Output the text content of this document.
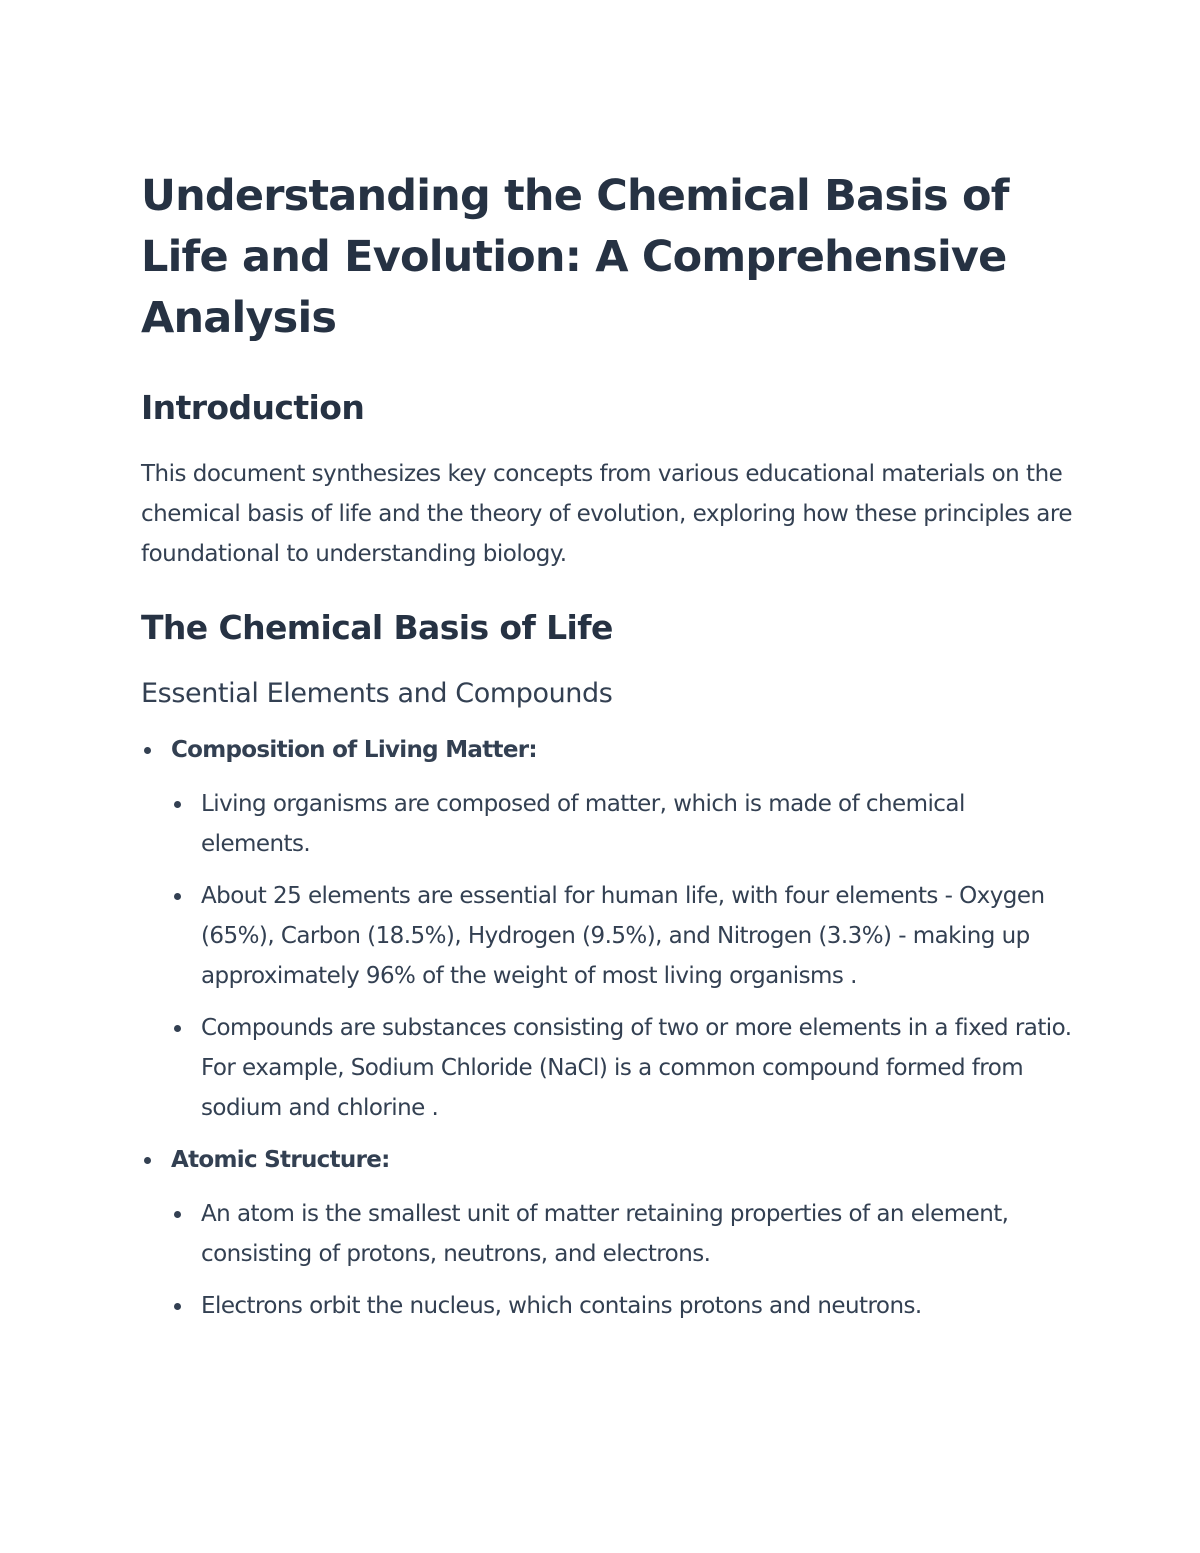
Understanding the Chemical Basis of Life and Evolution: A Comprehensive Analysis
Introduction

This document synthesizes key concepts from various educational materials on the chemical basis of life and the theory of evolution, exploring how these principles are foundational to understanding biology.

The Chemical Basis of Life
Essential Elements and Compounds
Composition of Living Matter:
Living organisms are composed of matter, which is made of chemical elements.
About 25 elements are essential for human life, with four elements - Oxygen (65%), Carbon (18.5%), Hydrogen (9.5%), and Nitrogen (3.3%) - making up approximately 96% of the weight of most living organisms .
Compounds are substances consisting of two or more elements in a fixed ratio. For example, Sodium Chloride (NaCl) is a common compound formed from sodium and chlorine .
Atomic Structure:
An atom is the smallest unit of matter retaining properties of an element, consisting of protons, neutrons, and electrons.
Electrons orbit the nucleus, which contains protons and neutrons.
